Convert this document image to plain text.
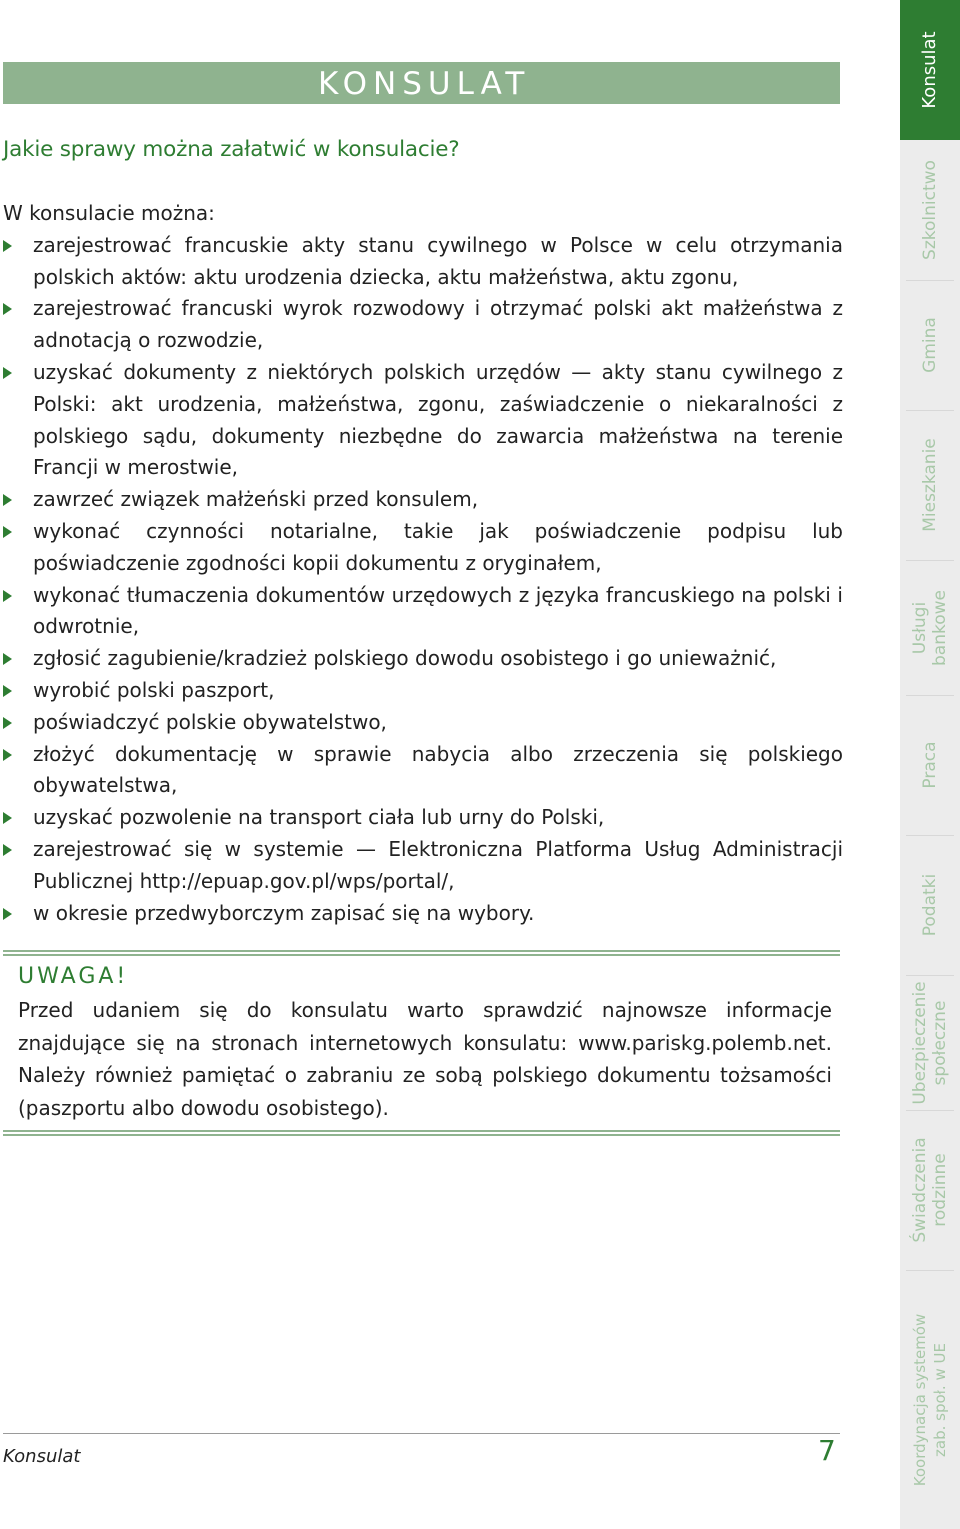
KONSULAT
Jakie sprawy można załatwić w konsulacie?
W konsulacie można:
zarejestrować francuskie akty stanu cywilnego w Polsce w celu otrzymania polskich aktów: aktu urodzenia dziecka, aktu małżeństwa, aktu zgonu,
zarejestrować francuski wyrok rozwodowy i otrzymać polski akt małżeństwa z adnotacją o rozwodzie,
uzyskać dokumenty z niektórych polskich urzędów — akty stanu cywilnego z Polski: akt urodzenia, małżeństwa, zgonu, zaświadczenie o niekaralności z polskiego sądu, dokumenty niezbędne do zawarcia małżeństwa na terenie Francji w merostwie,
zawrzeć związek małżeński przed konsulem,
wykonać czynności notarialne, takie jak poświadczenie podpisu lub poświadczenie zgodności kopii dokumentu z oryginałem,
wykonać tłumaczenia dokumentów urzędowych z języka francuskiego na polski i odwrotnie,
zgłosić zagubienie/kradzież polskiego dowodu osobistego i go unieważnić,
wyrobić polski paszport,
poświadczyć polskie obywatelstwo,
złożyć dokumentację w sprawie nabycia albo zrzeczenia się polskiego obywatelstwa,
uzyskać pozwolenie na transport ciała lub urny do Polski,
zarejestrować się w systemie — Elektroniczna Platforma Usług Administracji Publicznej http://epuap.gov.pl/wps/portal/,
w okresie przedwyborczym zapisać się na wybory.
UWAGA!
Przed udaniem się do konsulatu warto sprawdzić najnowsze informacje znajdujące się na stronach internetowych konsulatu: www.pariskg.polemb.net. Należy również pamiętać o zabraniu ze sobą polskiego dokumentu tożsamości (paszportu albo dowodu osobistego).
Konsulat	7
Konsulat
Szkolnictwo
Gmina
Mieszkanie
Usługi
bankowe
Praca
Podatki
Ubezpieczenie
społeczne
Świadczenia
rodzinne
Koordynacja systemów zab. społ. w UE
